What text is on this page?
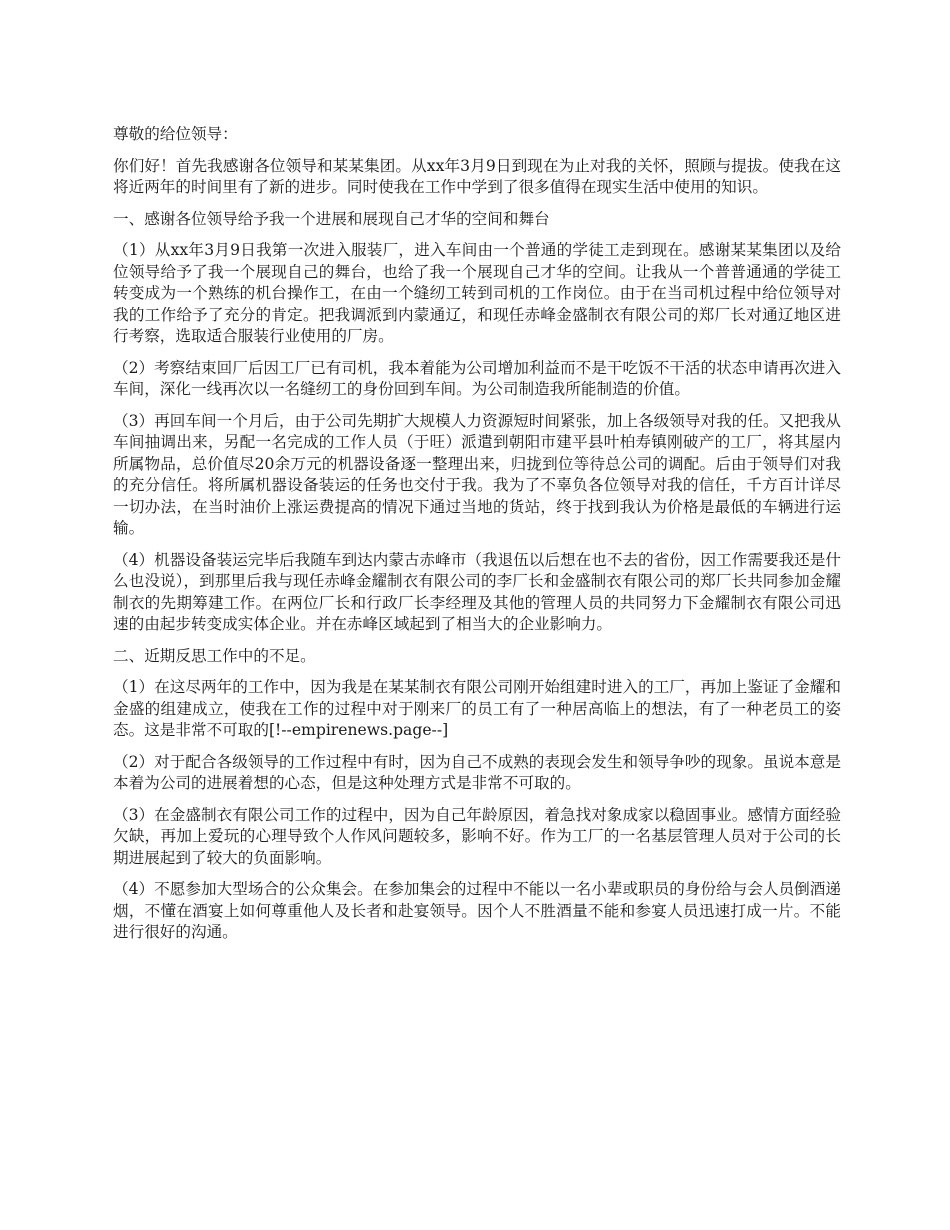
尊敬的给位领导：

你们好！首先我感谢各位领导和某某集团。从xx年3月9日到现在为止对我的关怀，照顾与提拔。使我在这将近两年的时间里有了新的进步。同时使我在工作中学到了很多值得在现实生活中使用的知识。

一、感谢各位领导给予我一个进展和展现自己才华的空间和舞台

（1）从xx年3月9日我第一次进入服装厂，进入车间由一个普通的学徒工走到现在。感谢某某集团以及给位领导给予了我一个展现自己的舞台，也给了我一个展现自己才华的空间。让我从一个普普通通的学徒工转变成为一个熟练的机台操作工，在由一个缝纫工转到司机的工作岗位。由于在当司机过程中给位领导对我的工作给予了充分的肯定。把我调派到内蒙通辽，和现任赤峰金盛制衣有限公司的郑厂长对通辽地区进行考察，选取适合服装行业使用的厂房。

（2）考察结束回厂后因工厂已有司机，我本着能为公司增加利益而不是干吃饭不干活的状态申请再次进入车间，深化一线再次以一名缝纫工的身份回到车间。为公司制造我所能制造的价值。

（3）再回车间一个月后，由于公司先期扩大规模人力资源短时间紧张，加上各级领导对我的任。又把我从车间抽调出来，另配一名完成的工作人员（于旺）派遣到朝阳市建平县叶柏寿镇刚破产的工厂，将其屋内所属物品，总价值尽20余万元的机器设备逐一整理出来，归拢到位等待总公司的调配。后由于领导们对我的充分信任。将所属机器设备装运的任务也交付于我。我为了不辜负各位领导对我的信任，千方百计详尽一切办法，在当时油价上涨运费提高的情况下通过当地的货站，终于找到我认为价格是最低的车辆进行运输。

（4）机器设备装运完毕后我随车到达内蒙古赤峰市（我退伍以后想在也不去的省份，因工作需要我还是什么也没说），到那里后我与现任赤峰金耀制衣有限公司的李厂长和金盛制衣有限公司的郑厂长共同参加金耀制衣的先期筹建工作。在两位厂长和行政厂长李经理及其他的管理人员的共同努力下金耀制衣有限公司迅速的由起步转变成实体企业。并在赤峰区域起到了相当大的企业影响力。

二、近期反思工作中的不足。

（1）在这尽两年的工作中，因为我是在某某制衣有限公司刚开始组建时进入的工厂，再加上鉴证了金耀和金盛的组建成立，使我在工作的过程中对于刚来厂的员工有了一种居高临上的想法，有了一种老员工的姿态。这是非常不可取的[!--empirenews.page--]

（2）对于配合各级领导的工作过程中有时，因为自己不成熟的表现会发生和领导争吵的现象。虽说本意是本着为公司的进展着想的心态，但是这种处理方式是非常不可取的。

（3）在金盛制衣有限公司工作的过程中，因为自己年龄原因，着急找对象成家以稳固事业。感情方面经验欠缺，再加上爱玩的心理导致个人作风问题较多，影响不好。作为工厂的一名基层管理人员对于公司的长期进展起到了较大的负面影响。

（4）不愿参加大型场合的公众集会。在参加集会的过程中不能以一名小辈或职员的身份给与会人员倒酒递烟，不懂在酒宴上如何尊重他人及长者和赴宴领导。因个人不胜酒量不能和参宴人员迅速打成一片。不能进行很好的沟通。
